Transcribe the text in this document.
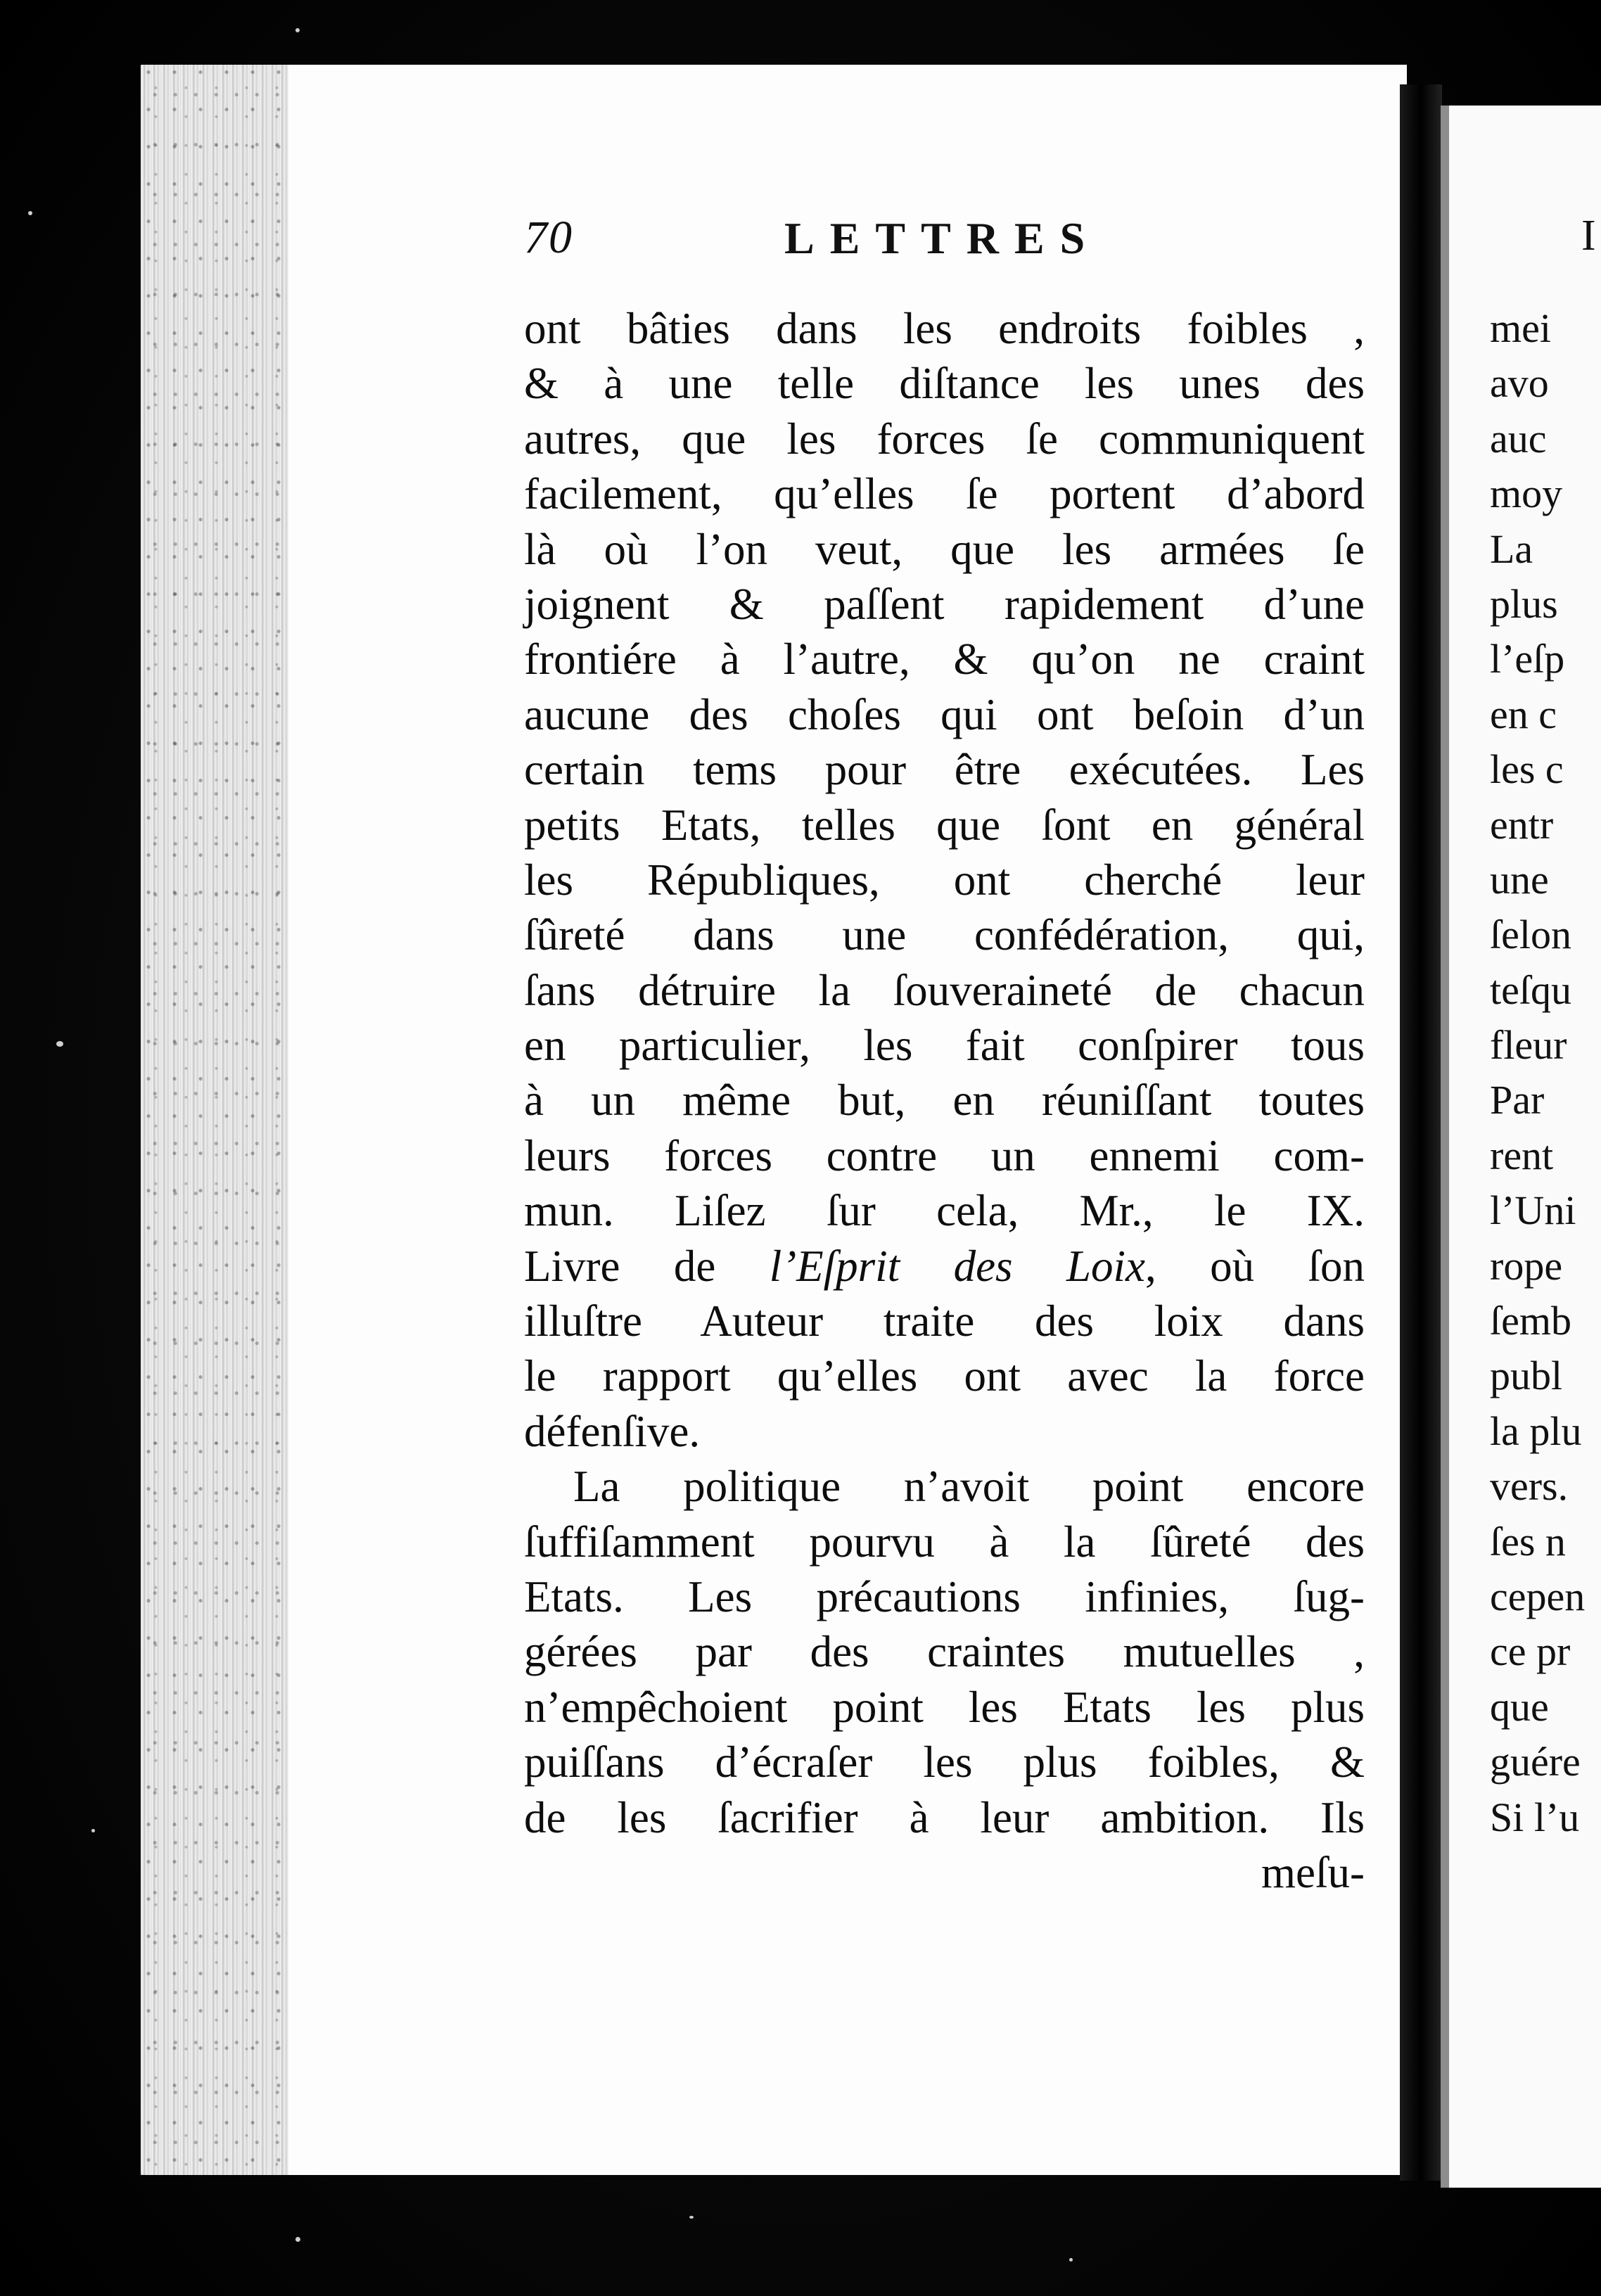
70	LETTRES
ont bâties dans les endroits foibles ,
& à une telle diſtance les unes des
autres, que les forces ſe communiquent
facilement, qu’elles ſe portent d’abord
là où l’on veut, que les armées ſe
joignent & paſſent rapidement d’une
frontiére à l’autre, & qu’on ne craint
aucune des choſes qui ont beſoin d’un
certain tems pour être exécutées. Les
petits Etats, telles que ſont en général
les Républiques, ont cherché leur
ſûreté dans une confédération, qui,
ſans détruire la ſouveraineté de chacun
en particulier, les fait conſpirer tous
à un même but, en réuniſſant toutes
leurs forces contre un ennemi com-
mun. Liſez ſur cela, Mr., le IX.
Livre de l’Eſprit des Loix, où ſon
illuſtre Auteur traite des loix dans
le rapport qu’elles ont avec la force
défenſive.
La politique n’avoit point encore
ſuffiſamment pourvu à la ſûreté des
Etats. Les précautions infinies, ſug-
gérées par des craintes mutuelles ,
n’empêchoient point les Etats les plus
puiſſans d’écraſer les plus foibles, &
de les ſacrifier à leur ambition. Ils
meſu-
I
mei
avo
auc
moy
La
plus
l’eſp
en c
les c
entr
une
ſelon
teſqu
fleur
Par
rent
l’Uni
rope
ſemb
publ
la plu
vers.
ſes n
cepen
ce pr
que
guére
Si l’u
